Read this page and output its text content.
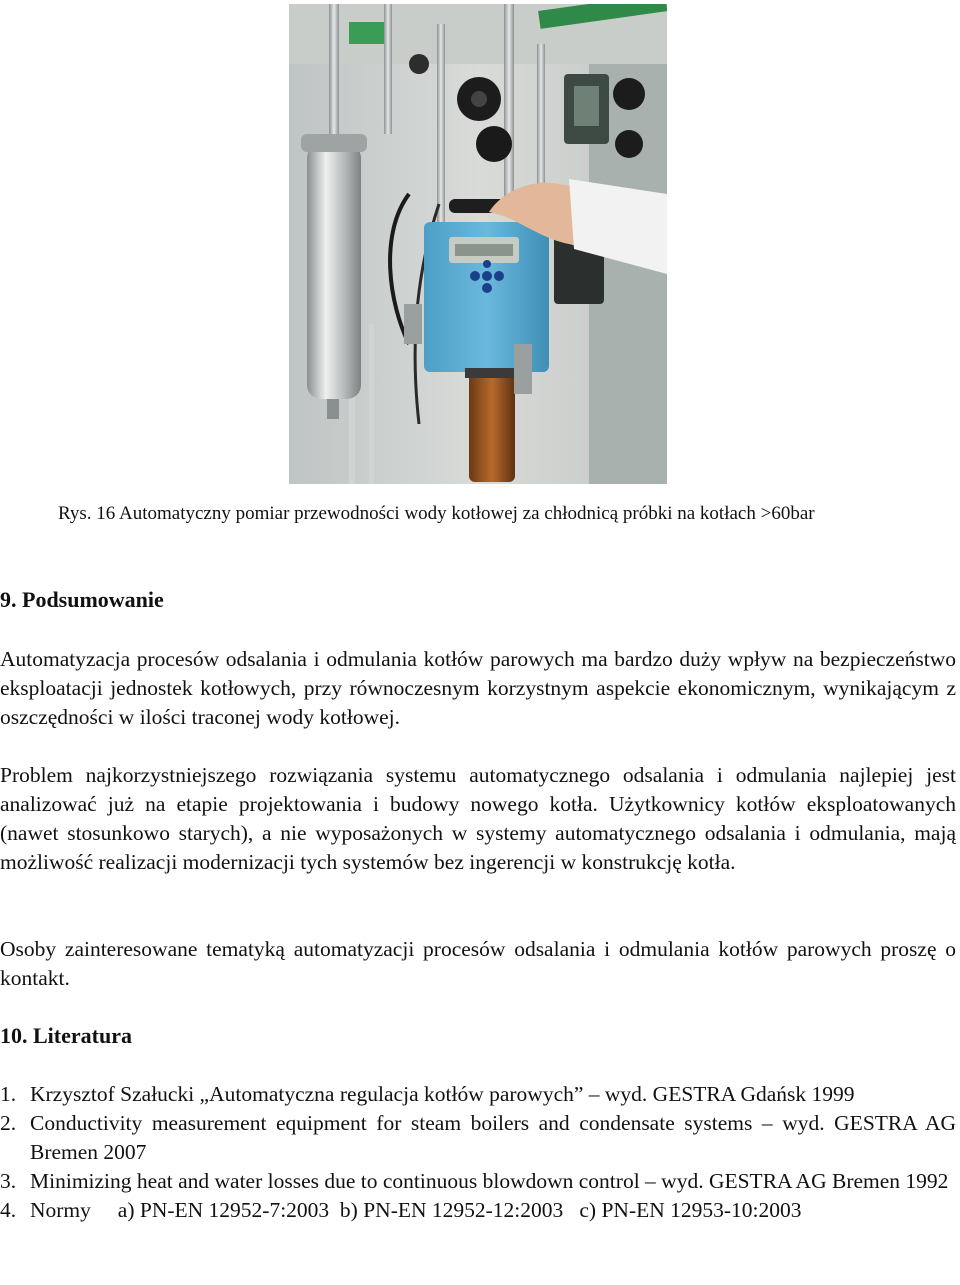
Rys. 16 Automatyczny pomiar przewodności wody kotłowej za chłodnicą próbki na kotłach >60bar
9. Podsumowanie
Automatyzacja procesów odsalania i odmulania kotłów parowych ma bardzo duży wpływ na bezpieczeństwo eksploatacji jednostek kotłowych, przy równoczesnym korzystnym aspekcie ekonomicznym, wynikającym z oszczędności w ilości traconej wody kotłowej.
Problem najkorzystniejszego rozwiązania systemu automatycznego odsalania i odmulania najlepiej jest analizować już na etapie projektowania i budowy nowego kotła. Użytkownicy kotłów eksploatowanych (nawet stosunkowo starych), a nie wyposażonych w systemy automatycznego odsalania i odmulania, mają możliwość realizacji modernizacji tych systemów bez ingerencji w konstrukcję kotła.
Osoby zainteresowane tematyką automatyzacji procesów odsalania i odmulania kotłów parowych proszę o kontakt.
10. Literatura
1. Krzysztof Szałucki „Automatyczna regulacja kotłów parowych” – wyd. GESTRA Gdańsk 1999
2. Conductivity measurement equipment for steam boilers and condensate systems – wyd. GESTRA AG Bremen 2007
3. Minimizing heat and water losses due to continuous blowdown control – wyd. GESTRA AG Bremen 1992
4. Normy     a) PN-EN 12952-7:2003  b) PN-EN 12952-12:2003   c) PN-EN 12953-10:2003
